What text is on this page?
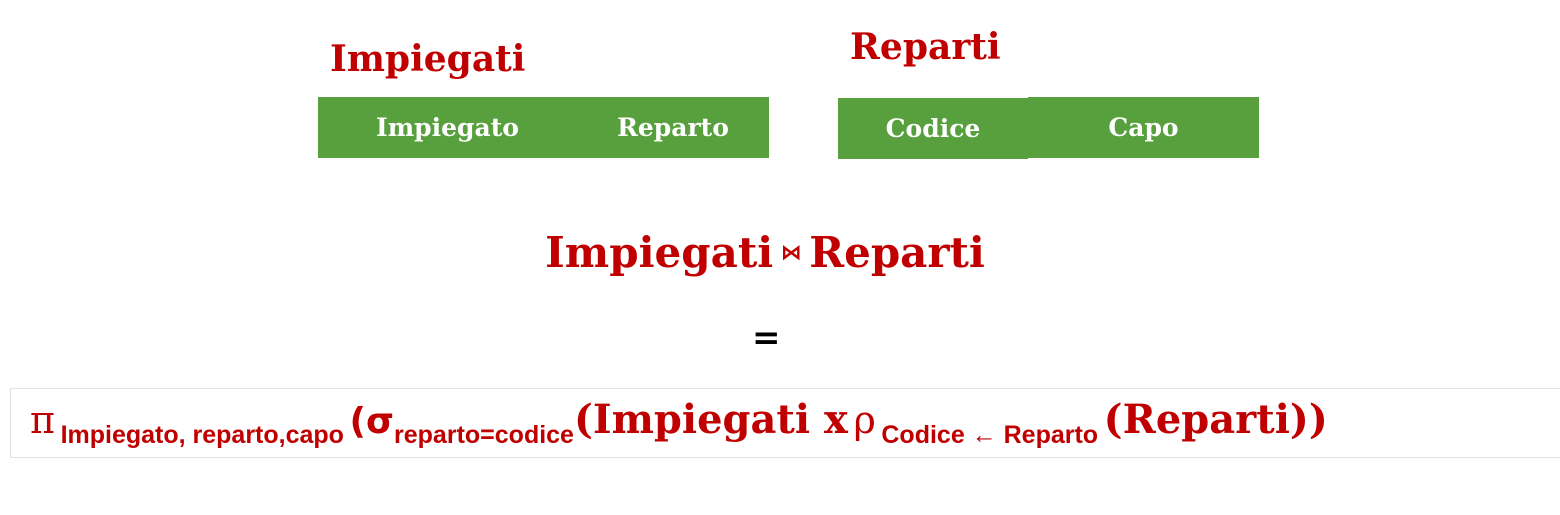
Impiegati	Reparti
Impiegato	Reparto	Codice	Capo
Impiegati ⋈ Reparti
=
π Impiegato, reparto,capo (σreparto=codice(Impiegati x ρ Codice ← Reparto (Reparti))
